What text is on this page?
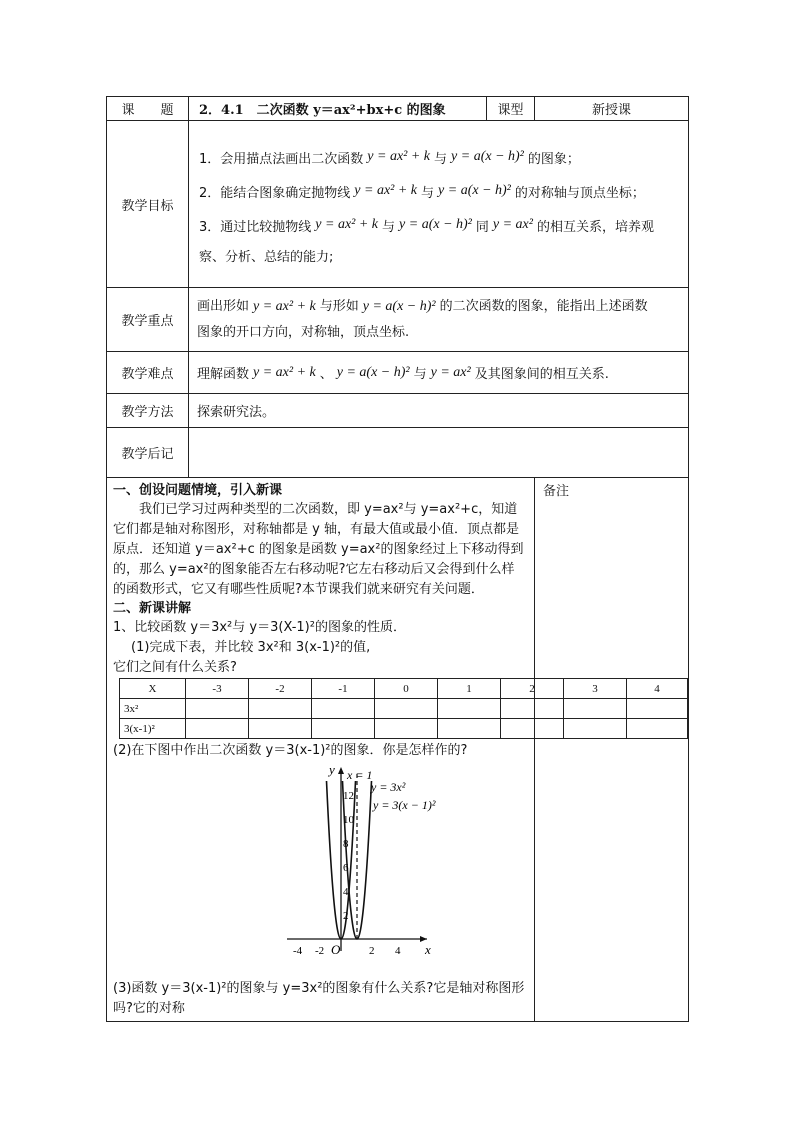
课　　题	2．4.1　二次函数 y＝ax²+bx+c 的图象	课型	新授课
教学目标	
1．会用描点法画出二次函数 y = ax² + k 与 y = a(x − h)² 的图象；
2．能结合图象确定抛物线 y = ax² + k 与 y = a(x − h)² 的对称轴与顶点坐标；
3．通过比较抛物线 y = ax² + k 与 y = a(x − h)² 同 y = ax² 的相互关系，培养观
察、分析、总结的能力;

教学重点	
画出形如 y = ax² + k 与形如 y = a(x − h)² 的二次函数的图象，能指出上述函数
图象的开口方向，对称轴，顶点坐标.

教学难点	理解函数 y = ax² + k 、 y = a(x − h)² 与 y = ax² 及其图象间的相互关系.

教学方法	探索研究法。
教学后记	

一、创设问题情境，引入新课

我们已学习过两种类型的二次函数，即 y=ax²与 y=ax²+c，知道它们都是轴对称图形，对称轴都是 y 轴，有最大值或最小值．顶点都是原点．还知道 y＝ax²+c 的图象是函数 y=ax²的图象经过上下移动得到的，那么 y=ax²的图象能否左右移动呢?它左右移动后又会得到什么样的函数形式，它又有哪些性质呢?本节课我们就来研究有关问题．

二、新课讲解

1、比较函数 y＝3x²与 y＝3(X-1)²的图象的性质．

(1)完成下表，并比较 3x²和 3(x-1)²的值,

它们之间有什么关系?

X	-3	-2	-1	0	1	2	3	4
3x²								
3(x-1)²								

(2)在下图中作出二次函数 y＝3(x-1)²的图象．你是怎样作的?

y
x
O
x = 1
y = 3x²
y = 3(x − 1)²
12
10
8
6
4
2
-4 -2	2 4

(3)函数 y＝3(x-1)²的图象与 y=3x²的图象有什么关系?它是轴对称图形吗?它的对称

	备注
